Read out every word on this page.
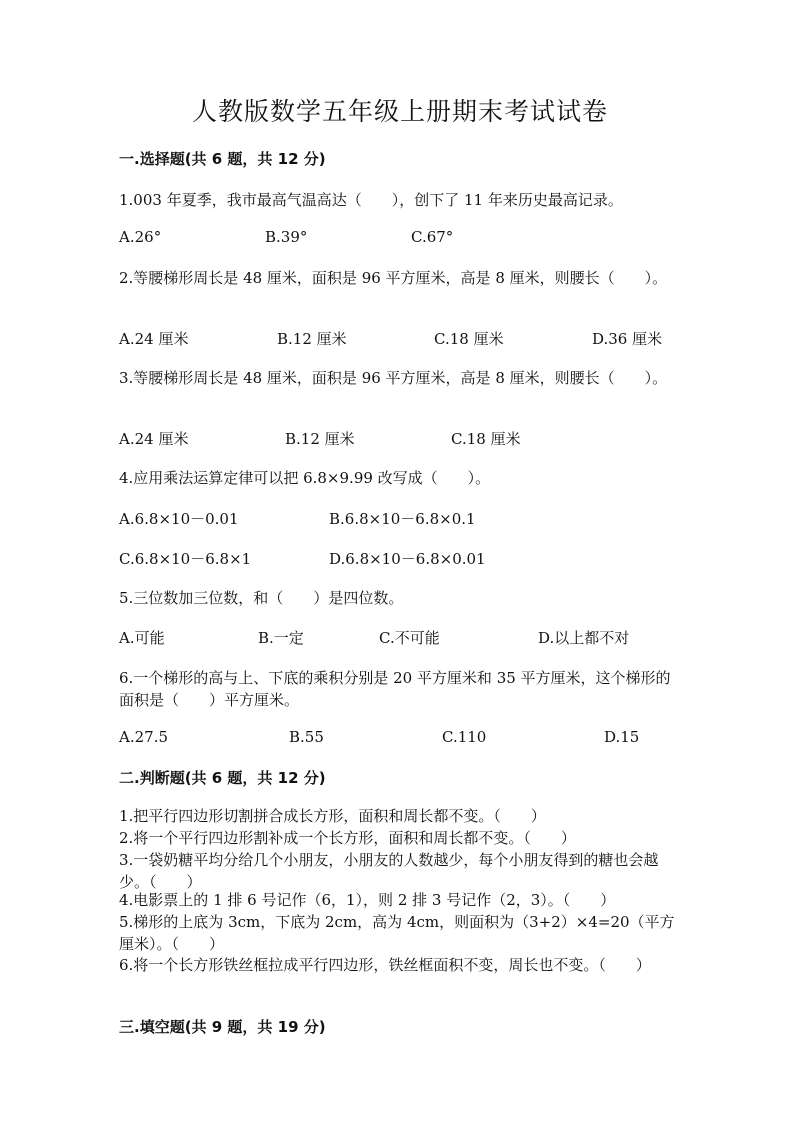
人教版数学五年级上册期末考试试卷
一.选择题(共 6 题，共 12 分)
1.003 年夏季，我市最高气温高达（　　），创下了 11 年来历史最高记录。
A.26°	B.39°	C.67°
2.等腰梯形周长是 48 厘米，面积是 96 平方厘米，高是 8 厘米，则腰长（　　）。
A.24 厘米	B.12 厘米	C.18 厘米	D.36 厘米
3.等腰梯形周长是 48 厘米，面积是 96 平方厘米，高是 8 厘米，则腰长（　　）。
A.24 厘米	B.12 厘米	C.18 厘米
4.应用乘法运算定律可以把 6.8×9.99 改写成（　　）。
A.6.8×10－0.01	B.6.8×10－6.8×0.1
C.6.8×10－6.8×1	D.6.8×10－6.8×0.01
5.三位数加三位数，和（　　）是四位数。
A.可能	B.一定	C.不可能	D.以上都不对
6.一个梯形的高与上、下底的乘积分别是 20 平方厘米和 35 平方厘米，这个梯形的面积是（　　）平方厘米。
A.27.5	B.55	C.110	D.15
二.判断题(共 6 题，共 12 分)
1.把平行四边形切割拼合成长方形，面积和周长都不变。（　　）
2.将一个平行四边形割补成一个长方形，面积和周长都不变。（　　）
3.一袋奶糖平均分给几个小朋友，小朋友的人数越少，每个小朋友得到的糖也会越少。（　　）
4.电影票上的 1 排 6 号记作（6，1），则 2 排 3 号记作（2，3）。（　　）
5.梯形的上底为 3cm，下底为 2cm，高为 4cm，则面积为（3+2）×4=20（平方厘米）。（　　）
6.将一个长方形铁丝框拉成平行四边形，铁丝框面积不变，周长也不变。（　　）
三.填空题(共 9 题，共 19 分)
